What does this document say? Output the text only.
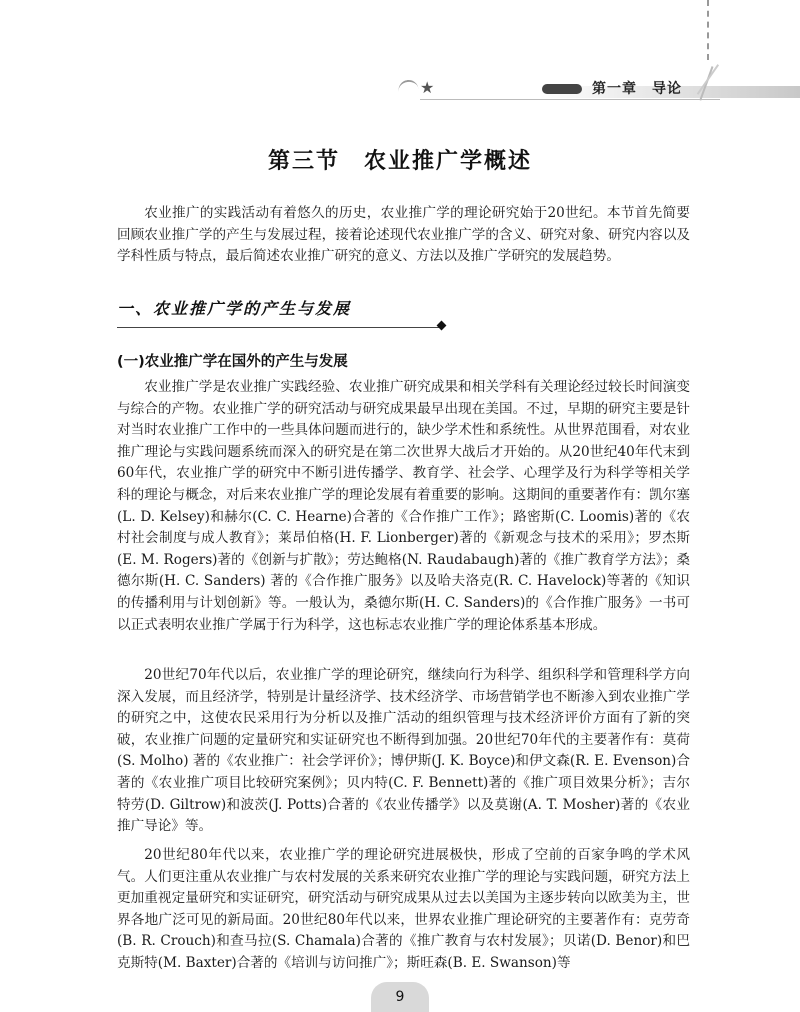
★	第一章　导论
第三节 农业推广学概述
农业推广的实践活动有着悠久的历史，农业推广学的理论研究始于20世纪。本节首先简要回顾农业推广学的产生与发展过程，接着论述现代农业推广学的含义、研究对象、研究内容以及学科性质与特点，最后简述农业推广研究的意义、方法以及推广学研究的发展趋势。
一、农业推广学的产生与发展
(一)农业推广学在国外的产生与发展
农业推广学是农业推广实践经验、农业推广研究成果和相关学科有关理论经过较长时间演变与综合的产物。农业推广学的研究活动与研究成果最早出现在美国。不过，早期的研究主要是针对当时农业推广工作中的一些具体问题而进行的，缺少学术性和系统性。从世界范围看，对农业推广理论与实践问题系统而深入的研究是在第二次世界大战后才开始的。从20世纪40年代末到60年代，农业推广学的研究中不断引进传播学、教育学、社会学、心理学及行为科学等相关学科的理论与概念，对后来农业推广学的理论发展有着重要的影响。这期间的重要著作有：凯尔塞(L. D. Kelsey)和赫尔(C. C. Hearne)合著的《合作推广工作》；路密斯(C. Loomis)著的《农村社会制度与成人教育》；莱昂伯格(H. F. Lionberger)著的《新观念与技术的采用》；罗杰斯(E. M. Rogers)著的《创新与扩散》；劳达鲍格(N. Raudabaugh)著的《推广教育学方法》；桑德尔斯(H. C. Sanders) 著的《合作推广服务》以及哈夫洛克(R. C. Havelock)等著的《知识的传播利用与计划创新》等。一般认为，桑德尔斯(H. C. Sanders)的《合作推广服务》一书可以正式表明农业推广学属于行为科学，这也标志农业推广学的理论体系基本形成。
20世纪70年代以后，农业推广学的理论研究，继续向行为科学、组织科学和管理科学方向深入发展，而且经济学，特别是计量经济学、技术经济学、市场营销学也不断渗入到农业推广学的研究之中，这使农民采用行为分析以及推广活动的组织管理与技术经济评价方面有了新的突破，农业推广问题的定量研究和实证研究也不断得到加强。20世纪70年代的主要著作有：莫荷(S. Molho) 著的《农业推广：社会学评价》；博伊斯(J. K. Boyce)和伊文森(R. E. Evenson)合著的《农业推广项目比较研究案例》；贝内特(C. F. Bennett)著的《推广项目效果分析》；吉尔特劳(D. Giltrow)和波茨(J. Potts)合著的《农业传播学》以及莫谢(A. T. Mosher)著的《农业推广导论》等。
20世纪80年代以来，农业推广学的理论研究进展极快，形成了空前的百家争鸣的学术风气。人们更注重从农业推广与农村发展的关系来研究农业推广学的理论与实践问题，研究方法上更加重视定量研究和实证研究，研究活动与研究成果从过去以美国为主逐步转向以欧美为主，世界各地广泛可见的新局面。20世纪80年代以来，世界农业推广理论研究的主要著作有：克劳奇(B. R. Crouch)和查马拉(S. Chamala)合著的《推广教育与农村发展》；贝诺(D. Benor)和巴克斯特(M. Baxter)合著的《培训与访问推广》；斯旺森(B. E. Swanson)等
9
